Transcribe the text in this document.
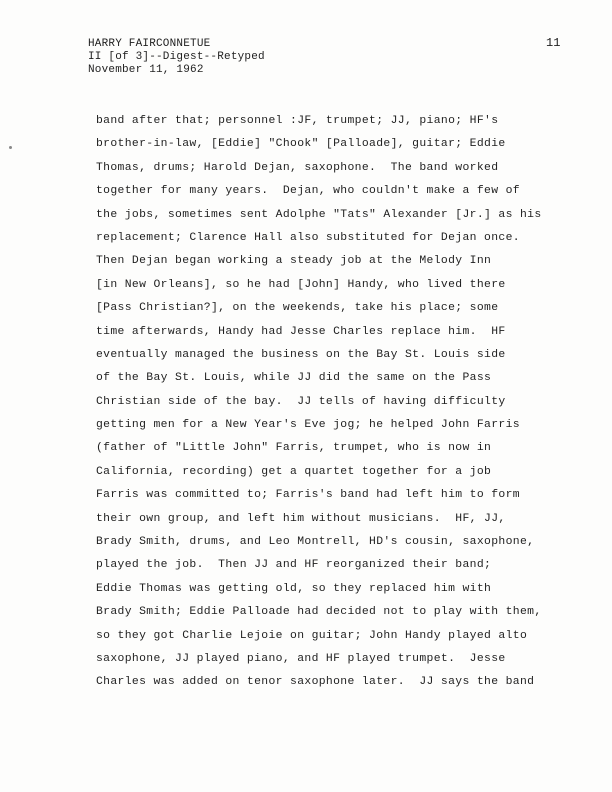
HARRY FAIRCONNETUE
II [of 3]--Digest--Retyped
November 11, 1962
11
band after that; personnel :JF, trumpet; JJ, piano; HF's
brother-in-law, [Eddie] "Chook" [Palloade], guitar; Eddie
Thomas, drums; Harold Dejan, saxophone.  The band worked
together for many years.  Dejan, who couldn't make a few of
the jobs, sometimes sent Adolphe "Tats" Alexander [Jr.] as his
replacement; Clarence Hall also substituted for Dejan once.
Then Dejan began working a steady job at the Melody Inn
[in New Orleans], so he had [John] Handy, who lived there
[Pass Christian?], on the weekends, take his place; some
time afterwards, Handy had Jesse Charles replace him.  HF
eventually managed the business on the Bay St. Louis side
of the Bay St. Louis, while JJ did the same on the Pass
Christian side of the bay.  JJ tells of having difficulty
getting men for a New Year's Eve jog; he helped John Farris
(father of "Little John" Farris, trumpet, who is now in
California, recording) get a quartet together for a job
Farris was committed to; Farris's band had left him to form
their own group, and left him without musicians.  HF, JJ,
Brady Smith, drums, and Leo Montrell, HD's cousin, saxophone,
played the job.  Then JJ and HF reorganized their band;
Eddie Thomas was getting old, so they replaced him with
Brady Smith; Eddie Palloade had decided not to play with them,
so they got Charlie Lejoie on guitar; John Handy played alto
saxophone, JJ played piano, and HF played trumpet.  Jesse
Charles was added on tenor saxophone later.  JJ says the band
